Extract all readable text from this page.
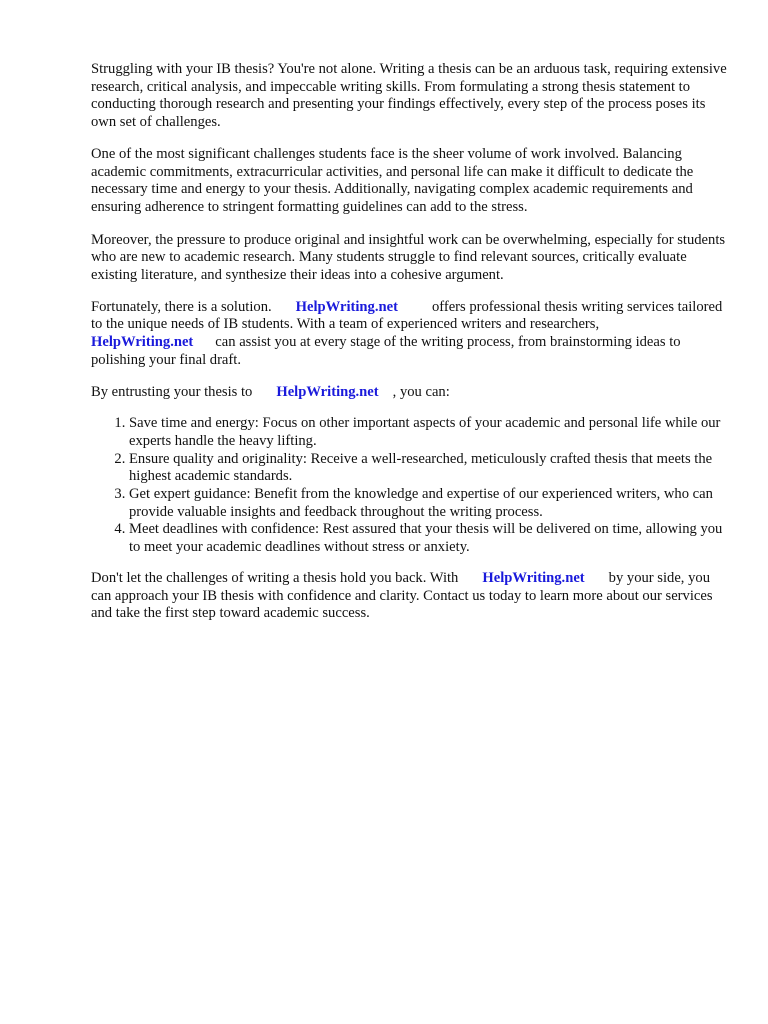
Struggling with your IB thesis? You're not alone. Writing a thesis can be an arduous task, requiring extensive research, critical analysis, and impeccable writing skills. From formulating a strong thesis statement to conducting thorough research and presenting your findings effectively, every step of the process poses its own set of challenges.

One of the most significant challenges students face is the sheer volume of work involved. Balancing academic commitments, extracurricular activities, and personal life can make it difficult to dedicate the necessary time and energy to your thesis. Additionally, navigating complex academic requirements and ensuring adherence to stringent formatting guidelines can add to the stress.

Moreover, the pressure to produce original and insightful work can be overwhelming, especially for students who are new to academic research. Many students struggle to find relevant sources, critically evaluate existing literature, and synthesize their ideas into a cohesive argument.

Fortunately, there is a solution. HelpWriting.net offers professional thesis writing services tailored to the unique needs of IB students. With a team of experienced writers and researchers, HelpWriting.net can assist you at every stage of the writing process, from brainstorming ideas to polishing your final draft.

By entrusting your thesis to HelpWriting.net , you can:

1. Save time and energy: Focus on other important aspects of your academic and personal life while our experts handle the heavy lifting.
2. Ensure quality and originality: Receive a well-researched, meticulously crafted thesis that meets the highest academic standards.
3. Get expert guidance: Benefit from the knowledge and expertise of our experienced writers, who can provide valuable insights and feedback throughout the writing process.
4. Meet deadlines with confidence: Rest assured that your thesis will be delivered on time, allowing you to meet your academic deadlines without stress or anxiety.

Don't let the challenges of writing a thesis hold you back. With HelpWriting.net by your side, you can approach your IB thesis with confidence and clarity. Contact us today to learn more about our services and take the first step toward academic success.
